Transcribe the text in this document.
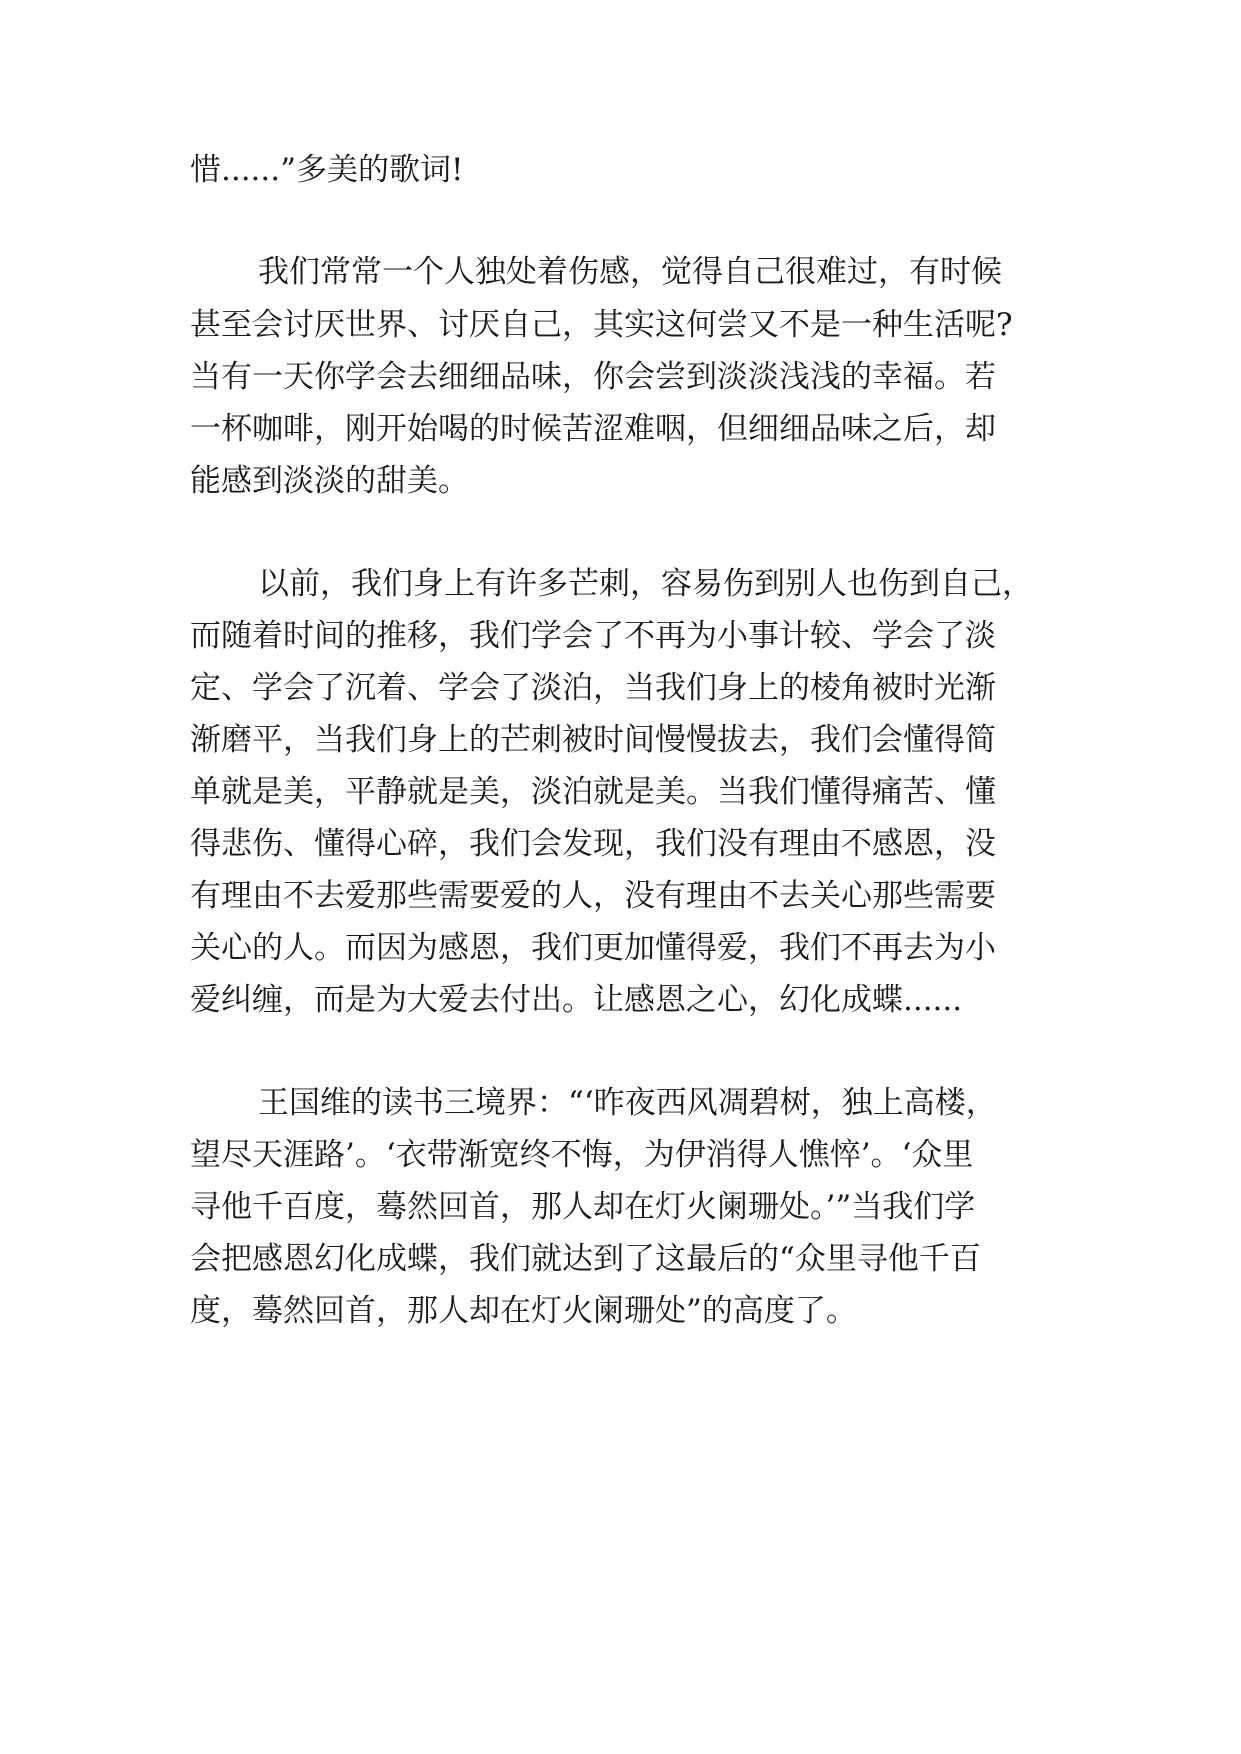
惜......”多美的歌词!
我们常常一个人独处着伤感，觉得自己很难过，有时候
甚至会讨厌世界、讨厌自己，其实这何尝又不是一种生活呢?
当有一天你学会去细细品味，你会尝到淡淡浅浅的幸福。若
一杯咖啡，刚开始喝的时候苦涩难咽，但细细品味之后，却
能感到淡淡的甜美。
以前，我们身上有许多芒刺，容易伤到别人也伤到自己，
而随着时间的推移，我们学会了不再为小事计较、学会了淡
定、学会了沉着、学会了淡泊，当我们身上的棱角被时光渐
渐磨平，当我们身上的芒刺被时间慢慢拔去，我们会懂得简
单就是美，平静就是美，淡泊就是美。当我们懂得痛苦、懂
得悲伤、懂得心碎，我们会发现，我们没有理由不感恩，没
有理由不去爱那些需要爱的人，没有理由不去关心那些需要
关心的人。而因为感恩，我们更加懂得爱，我们不再去为小
爱纠缠，而是为大爱去付出。让感恩之心，幻化成蝶......
王国维的读书三境界：“‘昨夜西风凋碧树，独上高楼，
望尽天涯路’。‘衣带渐宽终不悔，为伊消得人憔悴’。‘众里
寻他千百度，蓦然回首，那人却在灯火阑珊处。’”当我们学
会把感恩幻化成蝶，我们就达到了这最后的“众里寻他千百
度，蓦然回首，那人却在灯火阑珊处”的高度了。
